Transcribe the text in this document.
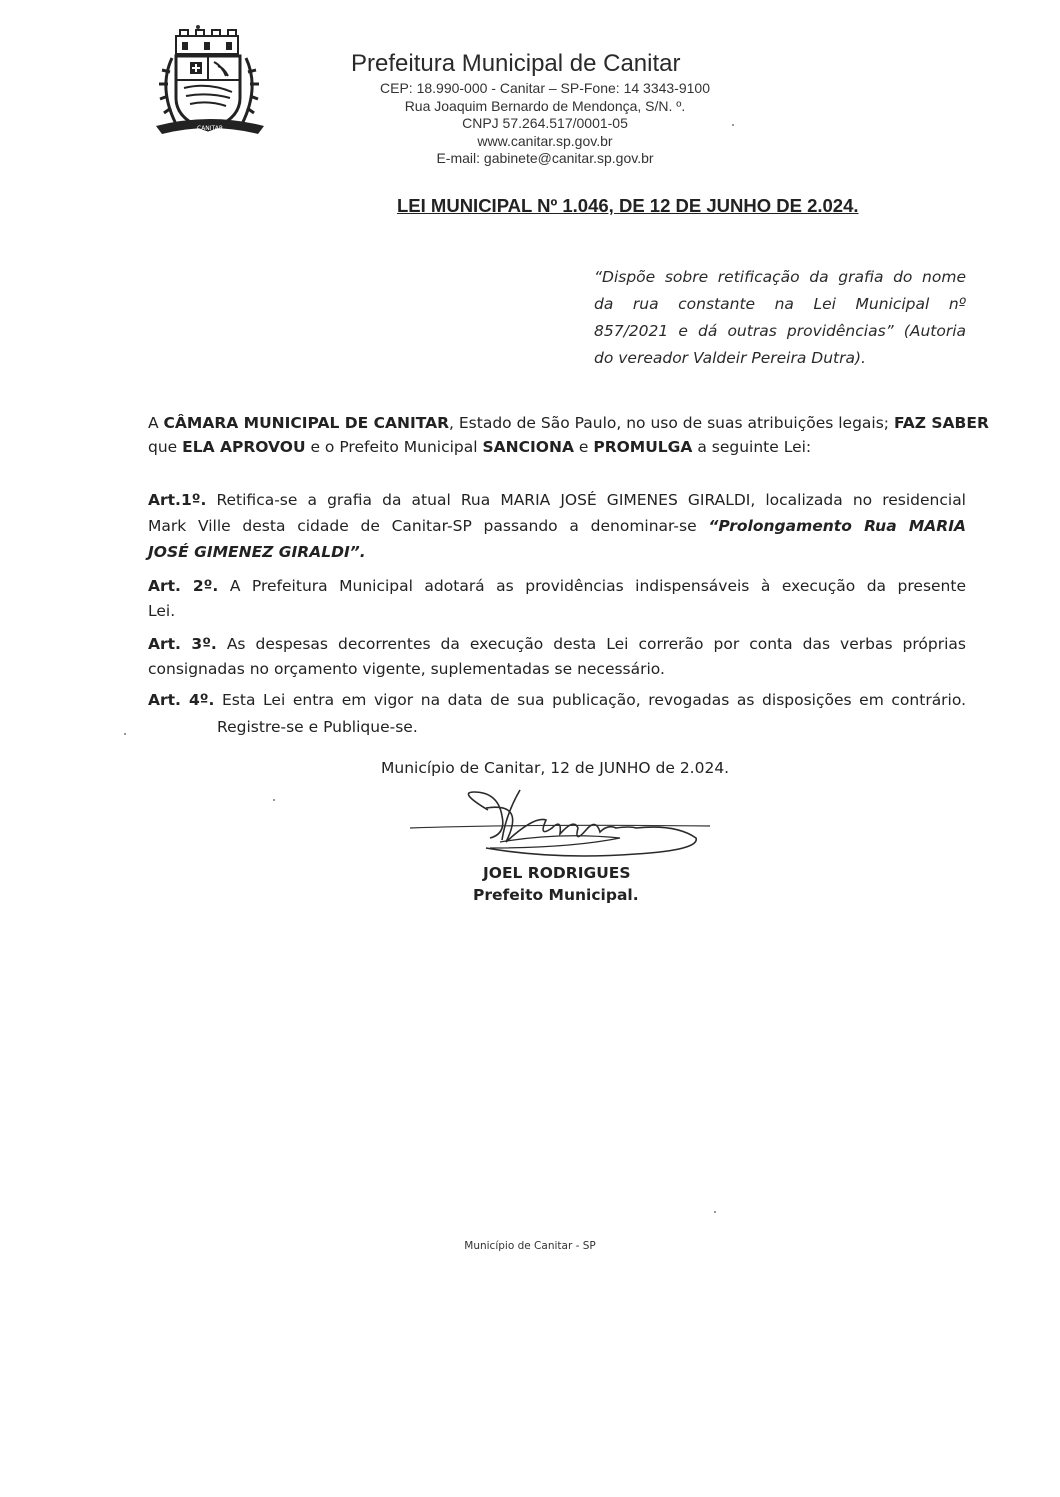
CANITAR
Prefeitura Municipal de Canitar
CEP: 18.990-000 - Canitar – SP-Fone: 14 3343-9100
Rua Joaquim Bernardo de Mendonça, S/N. º.
CNPJ 57.264.517/0001-05
www.canitar.sp.gov.br
E-mail: gabinete@canitar.sp.gov.br
LEI MUNICIPAL Nº 1.046, DE 12 DE JUNHO DE 2.024.
“Dispõe sobre retificação da grafia do nome
da rua constante na Lei Municipal nº
857/2021 e dá outras providências” (Autoria
do vereador Valdeir Pereira Dutra).
A CÂMARA MUNICIPAL DE CANITAR, Estado de São Paulo, no uso de suas atribuições legais; FAZ SABER
que ELA APROVOU e o Prefeito Municipal SANCIONA e PROMULGA a seguinte Lei:
Art.1º. Retifica-se a grafia da atual Rua MARIA JOSÉ GIMENES GIRALDI, localizada no residencial
Mark Ville desta cidade de Canitar-SP passando a denominar-se “Prolongamento Rua MARIA
JOSÉ GIMENEZ GIRALDI”.
Art. 2º. A Prefeitura Municipal adotará as providências indispensáveis à execução da presente
Lei.
Art. 3º. As despesas decorrentes da execução desta Lei correrão por conta das verbas próprias
consignadas no orçamento vigente, suplementadas se necessário.
Art. 4º. Esta Lei entra em vigor na data de sua publicação, revogadas as disposições em contrário.
Registre-se e Publique-se.
Município de Canitar, 12 de JUNHO de 2.024.
JOEL RODRIGUES
Prefeito Municipal.
Município de Canitar - SP
